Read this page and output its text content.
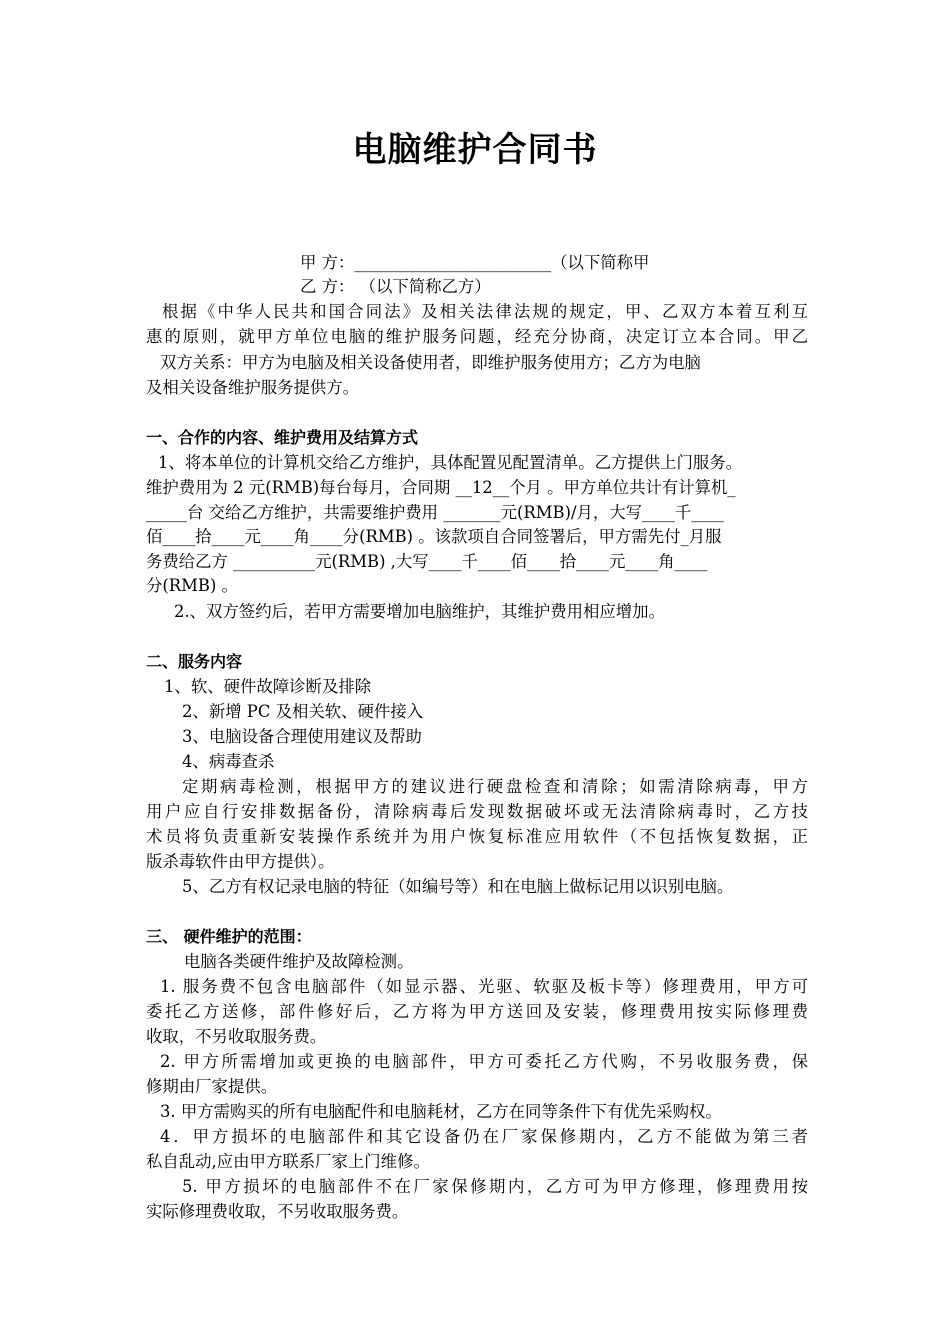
电脑维护合同书
甲 方：________________________（以下简称甲
乙 方： （以下简称乙方）
根据《中华人民共和国合同法》及相关法律法规的规定，甲、乙双方本着互利互
惠的原则，就甲方单位电脑的维护服务问题，经充分协商，决定订立本合同。甲乙
双方关系：甲方为电脑及相关设备使用者，即维护服务使用方；乙方为电脑
及相关设备维护服务提供方。
一、合作的内容、维护费用及结算方式
1、将本单位的计算机交给乙方维护，具体配置见配置清单。乙方提供上门服务。
维护费用为 2 元(RMB)每台每月，合同期 __12__个月 。甲方单位共计有计算机_
_____台 交给乙方维护，共需要维护费用 _______元(RMB)/月，大写____千____
佰____拾____元____角____分(RMB) 。该款项自合同签署后，甲方需先付_月服
务费给乙方 __________元(RMB) ,大写____千____佰____拾____元____角____
分(RMB) 。
2.、双方签约后，若甲方需要增加电脑维护，其维护费用相应增加。
二、服务内容
1、软、硬件故障诊断及排除
2、新增 PC 及相关软、硬件接入
3、电脑设备合理使用建议及帮助
4、病毒查杀
定期病毒检测，根据甲方的建议进行硬盘检查和清除；如需清除病毒，甲方
用户应自行安排数据备份，清除病毒后发现数据破坏或无法清除病毒时，乙方技
术员将负责重新安装操作系统并为用户恢复标准应用软件（不包括恢复数据，正
版杀毒软件由甲方提供）。
5、乙方有权记录电脑的特征（如编号等）和在电脑上做标记用以识别电脑。
三、 硬件维护的范围：
电脑各类硬件维护及故障检测。
1. 服务费不包含电脑部件（如显示器、光驱、软驱及板卡等）修理费用，甲方可
委托乙方送修，部件修好后，乙方将为甲方送回及安装，修理费用按实际修理费
收取，不另收取服务费。
2. 甲方所需增加或更换的电脑部件，甲方可委托乙方代购，不另收服务费，保
修期由厂家提供。
3. 甲方需购买的所有电脑配件和电脑耗材，乙方在同等条件下有优先采购权。
4．甲方损坏的电脑部件和其它设备仍在厂家保修期内，乙方不能做为第三者
私自乱动,应由甲方联系厂家上门维修。
5. 甲方损坏的电脑部件不在厂家保修期内，乙方可为甲方修理，修理费用按
实际修理费收取，不另收取服务费。
